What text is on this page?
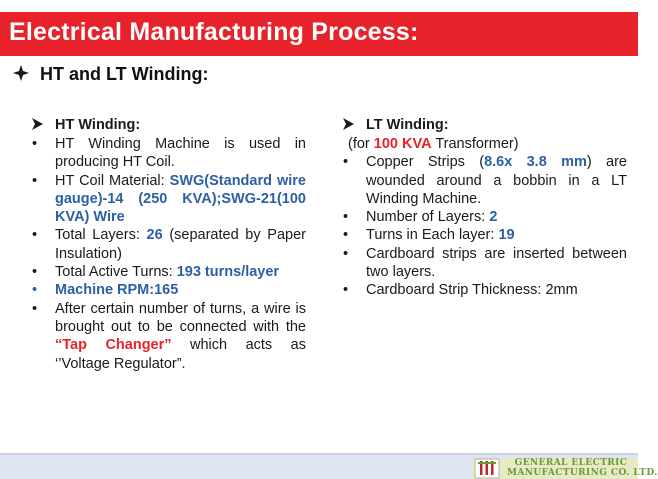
Electrical Manufacturing Process:
HT and LT Winding:
HT Winding:
• HT Winding Machine is used in producing HT Coil.
• HT Coil Material: SWG(Standard wire gauge)-14 (250 KVA);SWG-21(100 KVA) Wire
• Total Layers: 26 (separated by Paper Insulation)
• Total Active Turns: 193 turns/layer
• Machine RPM:165
• After certain number of turns, a wire is brought out to be connected with the “Tap Changer” which acts as ‘’Voltage Regulator”.
LT Winding:
(for 100 KVA Transformer)
• Copper Strips (8.6x 3.8 mm) are wounded around a bobbin in a LT Winding Machine.
• Number of Layers: 2
• Turns in Each layer: 19
• Cardboard strips are inserted between two layers.
• Cardboard Strip Thickness: 2mm
GENERAL ELECTRIC
MANUFACTURING CO. LTD.
